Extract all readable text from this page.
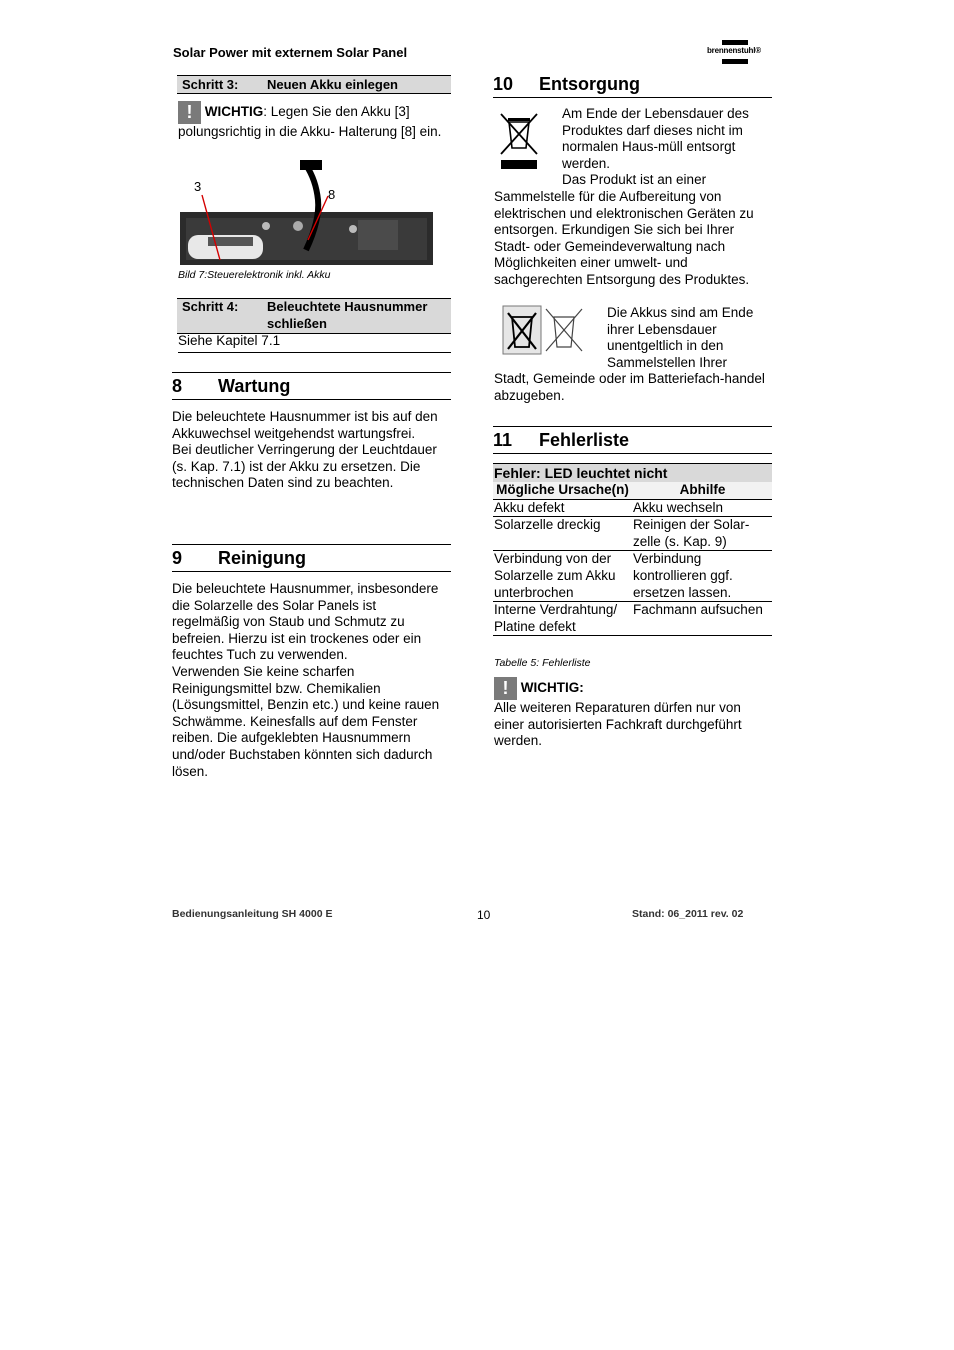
Solar Power mit externem Solar Panel	brennenstuhl®
Schritt 3:	Neuen Akku einlegen
! WICHTIG: Legen Sie den Akku [3] polungsrichtig in die Akku- Halterung [8] ein.
3
8
Bild 7:Steuerelektronik inkl. Akku
Schritt 4:	Beleuchtete Hausnummer schließen
Siehe Kapitel 7.1
8 Wartung
Die beleuchtete Hausnummer ist bis auf den Akkuwechsel weitgehendst wartungsfrei.
Bei deutlicher Verringerung der Leuchtdauer (s. Kap. 7.1) ist der Akku zu ersetzen. Die technischen Daten sind zu beachten.
9 Reinigung
Die beleuchtete Hausnummer, insbesondere die Solarzelle des Solar Panels ist regelmäßig von Staub und Schmutz zu befreien. Hierzu ist ein trockenes oder ein feuchtes Tuch zu verwenden.
Verwenden Sie keine scharfen Reinigungsmittel bzw. Chemikalien (Lösungsmittel, Benzin etc.) und keine rauen Schwämme. Keinesfalls auf dem Fenster reiben. Die aufgeklebten Hausnummern und/oder Buchstaben könnten sich dadurch lösen.
10 Entsorgung
Am Ende der Lebensdauer des Produktes darf dieses nicht im normalen Haus-müll entsorgt werden.
Das Produkt ist an einer
Sammelstelle für die Aufbereitung von elektrischen und elektronischen Geräten zu entsorgen. Erkundigen Sie sich bei Ihrer Stadt- oder Gemeindeverwaltung nach Möglichkeiten einer umwelt- und sachgerechten Entsorgung des Produktes.
Die Akkus sind am Ende ihrer Lebensdauer unentgeltlich in den Sammelstellen Ihrer
Stadt, Gemeinde oder im Batteriefach-handel abzugeben.
11 Fehlerliste
Fehler: LED leuchtet nicht
Mögliche Ursache(n)	Abhilfe
Akku defekt	Akku wechseln
Solarzelle dreckig	Reinigen der Solar-zelle (s. Kap. 9)
Verbindung von der Solarzelle zum Akku unterbrochen	Verbindung kontrollieren ggf. ersetzen lassen.
Interne Verdrahtung/ Platine defekt	Fachmann aufsuchen
Tabelle 5: Fehlerliste
! WICHTIG:
Alle weiteren Reparaturen dürfen nur von einer autorisierten Fachkraft durchgeführt werden.
Bedienungsanleitung SH 4000 E	10	Stand: 06_2011 rev. 02
